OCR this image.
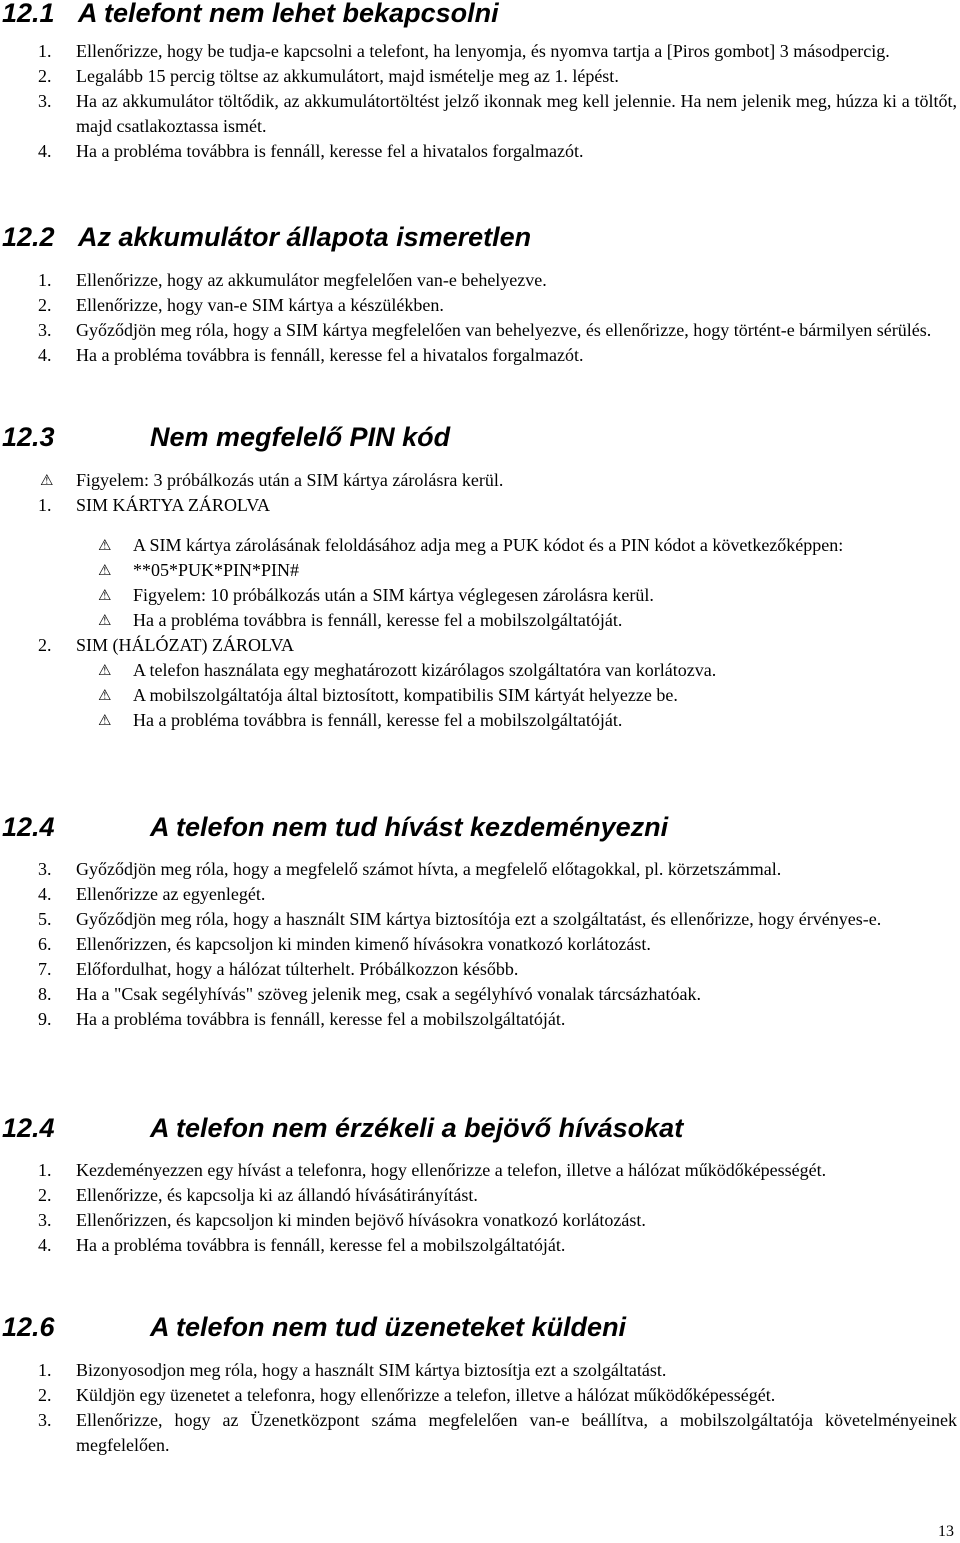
12.1 A telefont nem lehet bekapcsolni
1. Ellenőrizze, hogy be tudja-e kapcsolni a telefont, ha lenyomja, és nyomva tartja a [Piros gombot] 3 másodpercig.
2. Legalább 15 percig töltse az akkumulátort, majd ismételje meg az 1. lépést.
3. Ha az akkumulátor töltődik, az akkumulátortöltést jelző ikonnak meg kell jelennie. Ha nem jelenik meg, húzza ki a töltőt, majd csatlakoztassa ismét.
4. Ha a probléma továbbra is fennáll, keresse fel a hivatalos forgalmazót.
12.2 Az akkumulátor állapota ismeretlen
1. Ellenőrizze, hogy az akkumulátor megfelelően van-e behelyezve.
2. Ellenőrizze, hogy van-e SIM kártya a készülékben.
3. Győződjön meg róla, hogy a SIM kártya megfelelően van behelyezve, és ellenőrizze, hogy történt-e bármilyen sérülés.
4. Ha a probléma továbbra is fennáll, keresse fel a hivatalos forgalmazót.
12.3	Nem megfelelő PIN kód
⚠ Figyelem: 3 próbálkozás után a SIM kártya zárolásra kerül.
1. SIM KÁRTYA ZÁROLVA
⚠ A SIM kártya zárolásának feloldásához adja meg a PUK kódot és a PIN kódot a következőképpen:
⚠ **05*PUK*PIN*PIN#
⚠ Figyelem: 10 próbálkozás után a SIM kártya véglegesen zárolásra kerül.
⚠ Ha a probléma továbbra is fennáll, keresse fel a mobilszolgáltatóját.
2. SIM (HÁLÓZAT) ZÁROLVA
⚠ A telefon használata egy meghatározott kizárólagos szolgáltatóra van korlátozva.
⚠ A mobilszolgáltatója által biztosított, kompatibilis SIM kártyát helyezze be.
⚠ Ha a probléma továbbra is fennáll, keresse fel a mobilszolgáltatóját.
12.4	A telefon nem tud hívást kezdeményezni
3. Győződjön meg róla, hogy a megfelelő számot hívta, a megfelelő előtagokkal, pl. körzetszámmal.
4. Ellenőrizze az egyenlegét.
5. Győződjön meg róla, hogy a használt SIM kártya biztosítója ezt a szolgáltatást, és ellenőrizze, hogy érvényes-e.
6. Ellenőrizzen, és kapcsoljon ki minden kimenő hívásokra vonatkozó korlátozást.
7. Előfordulhat, hogy a hálózat túlterhelt. Próbálkozzon később.
8. Ha a "Csak segélyhívás" szöveg jelenik meg, csak a segélyhívó vonalak tárcsázhatóak.
9. Ha a probléma továbbra is fennáll, keresse fel a mobilszolgáltatóját.
12.4	A telefon nem érzékeli a bejövő hívásokat
1. Kezdeményezzen egy hívást a telefonra, hogy ellenőrizze a telefon, illetve a hálózat működőképességét.
2. Ellenőrizze, és kapcsolja ki az állandó hívásátirányítást.
3. Ellenőrizzen, és kapcsoljon ki minden bejövő hívásokra vonatkozó korlátozást.
4. Ha a probléma továbbra is fennáll, keresse fel a mobilszolgáltatóját.
12.6	A telefon nem tud üzeneteket küldeni
1. Bizonyosodjon meg róla, hogy a használt SIM kártya biztosítja ezt a szolgáltatást.
2. Küldjön egy üzenetet a telefonra, hogy ellenőrizze a telefon, illetve a hálózat működőképességét.
3. Ellenőrizze, hogy az Üzenetközpont száma megfelelően van-e beállítva, a mobilszolgáltatója követelményeinek megfelelően.
13
